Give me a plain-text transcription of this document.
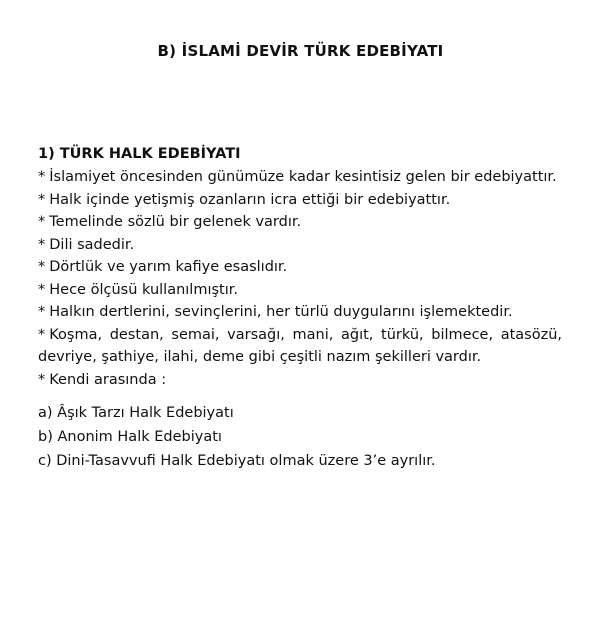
B) İSLAMİ DEVİR TÜRK EDEBİYATI
1) TÜRK HALK EDEBİYATI
* İslamiyet öncesinden günümüze kadar kesintisiz gelen bir edebiyattır.
* Halk içinde yetişmiş ozanların icra ettiği bir edebiyattır.
* Temelinde sözlü bir gelenek vardır.
* Dili sadedir.
* Dörtlük ve yarım kafiye esaslıdır.
* Hece ölçüsü kullanılmıştır.
* Halkın dertlerini, sevinçlerini, her türlü duygularını işlemektedir.
* Koşma, destan, semai, varsağı, mani, ağıt, türkü, bilmece, atasözü, devriye, şathiye, ilahi, deme gibi çeşitli nazım şekilleri vardır.
* Kendi arasında :
a) Âşık Tarzı Halk Edebiyatı
b) Anonim Halk Edebiyatı
c) Dini-Tasavvufi Halk Edebiyatı olmak üzere 3’e ayrılır.
